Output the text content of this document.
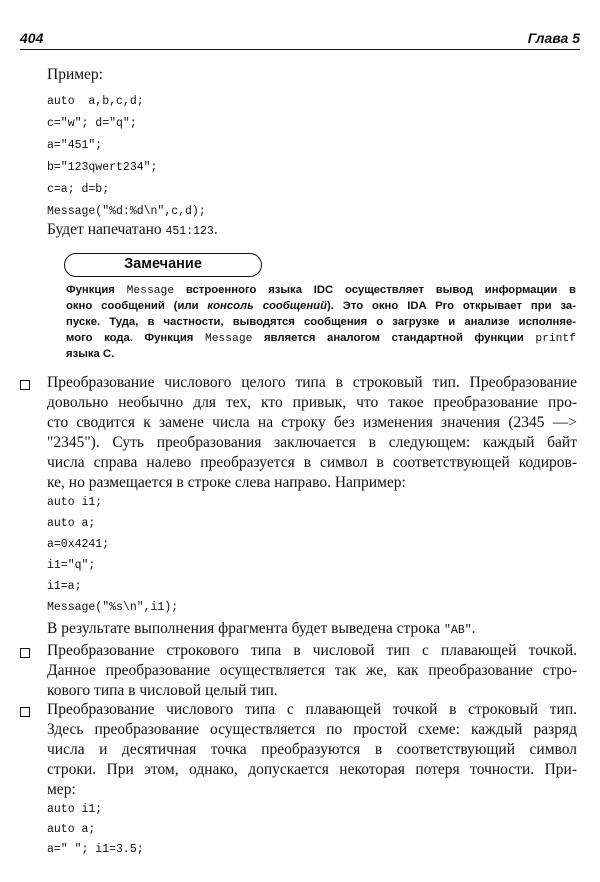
404	Глава 5
Пример:
auto  a,b,c,d;
c="w"; d="q";
a="451";
b="123qwert234";
c=a; d=b;
Message("%d:%d\n",c,d);
Будет напечатано 451:123.
Замечание
Функция Message встроенного языка IDC осуществляет вывод информации в
окно сообщений (или консоль сообщений). Это окно IDA Pro открывает при за-
пуске. Туда, в частности, выводятся сообщения о загрузке и анализе исполняе-
мого кода. Функция Message является аналогом стандартной функции printf
языка С.
Преобразование числового целого типа в строковый тип. Преобразование
довольно необычно для тех, кто привык, что такое преобразование про-
сто сводится к замене числа на строку без изменения значения (2345 —>
"2345"). Суть преобразования заключается в следующем: каждый байт
числа справа налево преобразуется в символ в соответствующей кодиров-
ке, но размещается в строке слева направо. Например:
auto i1;
auto a;
a=0x4241;
i1="q";
i1=a;
Message("%s\n",i1);
В результате выполнения фрагмента будет выведена строка "AB".
Преобразование строкового типа в числовой тип с плавающей точкой.
Данное преобразование осуществляется так же, как преобразование стро-
кового типа в числовой целый тип.
Преобразование числового типа с плавающей точкой в строковый тип.
Здесь преобразование осуществляется по простой схеме: каждый разряд
числа и десятичная точка преобразуются в соответствующий символ
строки. При этом, однако, допускается некоторая потеря точности. При-
мер:
auto i1;
auto a;
a=" "; i1=3.5;
